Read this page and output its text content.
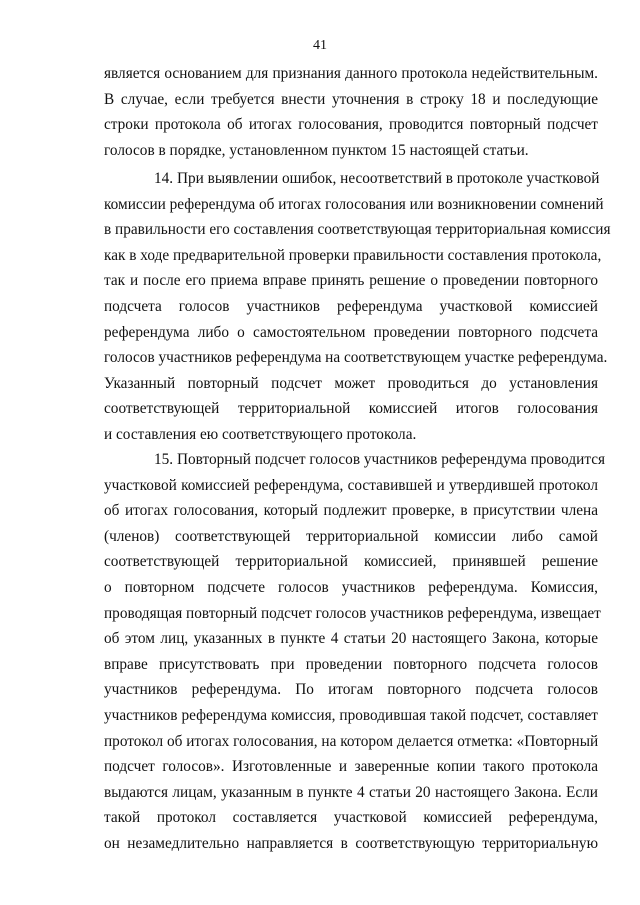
41
является основанием для признания данного протокола недействительным.
В случае, если требуется внести уточнения в строку 18 и последующие
строки протокола об итогах голосования, проводится повторный подсчет
голосов в порядке, установленном пунктом 15 настоящей статьи.
14. При выявлении ошибок, несоответствий в протоколе участковой
комиссии референдума об итогах голосования или возникновении сомнений
в правильности его составления соответствующая территориальная комиссия
как в ходе предварительной проверки правильности составления протокола,
так и после его приема вправе принять решение о проведении повторного
подсчета голосов участников референдума участковой комиссией
референдума либо о самостоятельном проведении повторного подсчета
голосов участников референдума на соответствующем участке референдума.
Указанный повторный подсчет может проводиться до установления
соответствующей территориальной комиссией итогов голосования
и составления ею соответствующего протокола.
15. Повторный подсчет голосов участников референдума проводится
участковой комиссией референдума, составившей и утвердившей протокол
об итогах голосования, который подлежит проверке, в присутствии члена
(членов) соответствующей территориальной комиссии либо самой
соответствующей территориальной комиссией, принявшей решение
о повторном подсчете голосов участников референдума. Комиссия,
проводящая повторный подсчет голосов участников референдума, извещает
об этом лиц, указанных в пункте 4 статьи 20 настоящего Закона, которые
вправе присутствовать при проведении повторного подсчета голосов
участников референдума. По итогам повторного подсчета голосов
участников референдума комиссия, проводившая такой подсчет, составляет
протокол об итогах голосования, на котором делается отметка: «Повторный
подсчет голосов». Изготовленные и заверенные копии такого протокола
выдаются лицам, указанным в пункте 4 статьи 20 настоящего Закона. Если
такой протокол составляется участковой комиссией референдума,
он незамедлительно направляется в соответствующую территориальную
